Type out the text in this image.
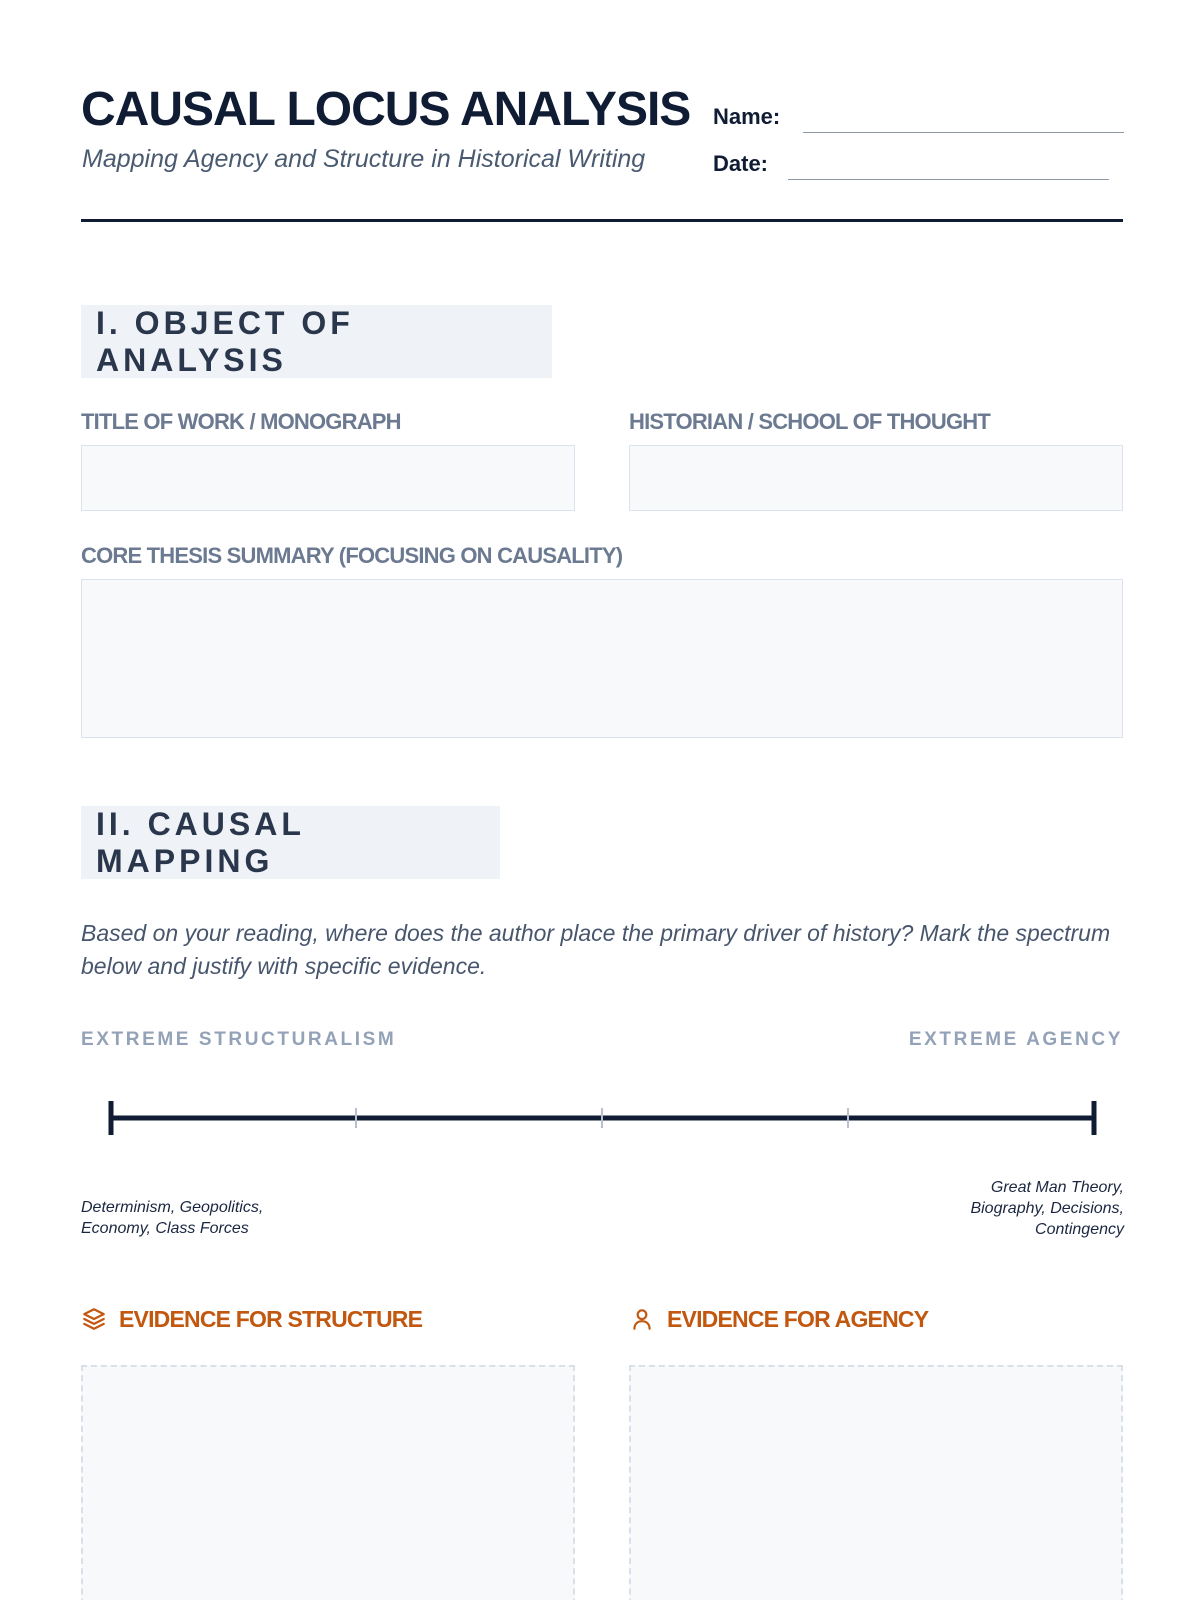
CAUSAL LOCUS ANALYSIS
Mapping Agency and Structure in Historical Writing
Name:
Date:
I. OBJECT OF ANALYSIS
TITLE OF WORK / MONOGRAPH	HISTORIAN / SCHOOL OF THOUGHT
CORE THESIS SUMMARY (FOCUSING ON CAUSALITY)
II. CAUSAL MAPPING
Based on your reading, where does the author place the primary driver of history? Mark the spectrum below and justify with specific evidence.
EXTREME STRUCTURALISM	EXTREME AGENCY
Determinism, Geopolitics,
Economy, Class Forces
Great Man Theory,
Biography, Decisions,
Contingency
EVIDENCE FOR STRUCTURE	EVIDENCE FOR AGENCY
